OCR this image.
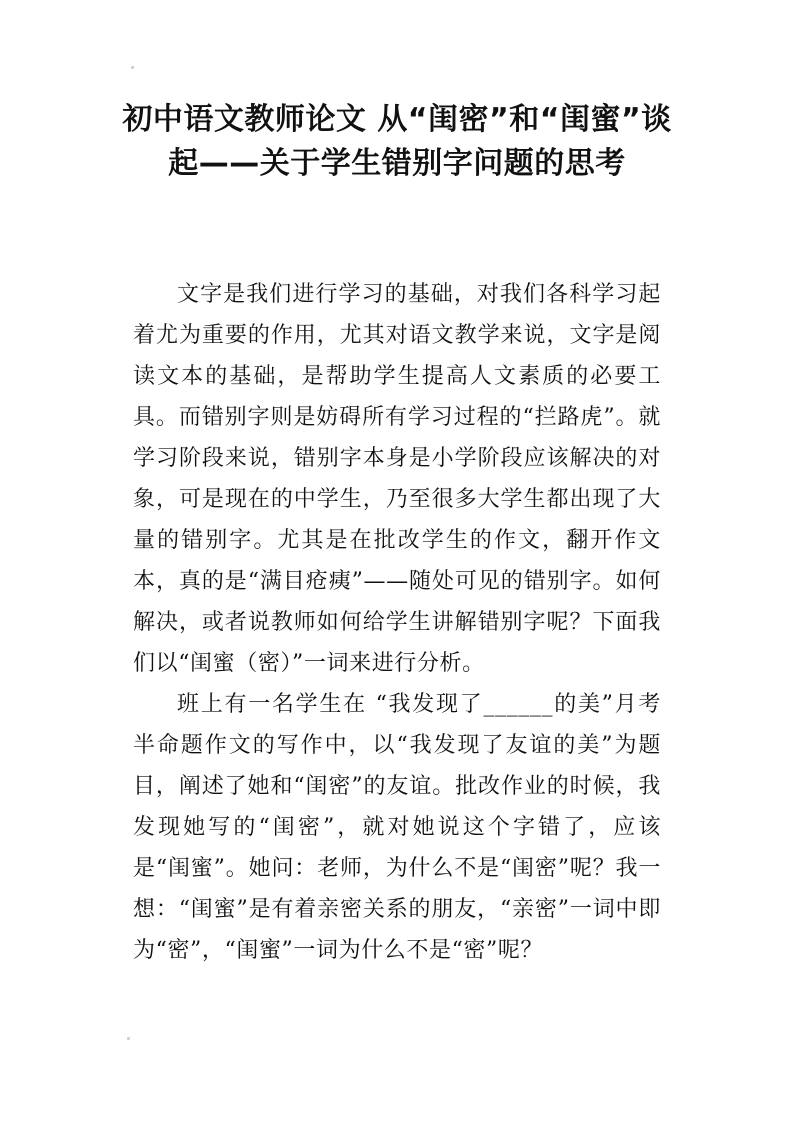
初中语文教师论文 从“闺密”和“闺蜜”谈起——关于学生错别字问题的思考

文字是我们进行学习的基础，对我们各科学习起着尤为重要的作用，尤其对语文教学来说，文字是阅读文本的基础，是帮助学生提高人文素质的必要工具。而错别字则是妨碍所有学习过程的“拦路虎”。就学习阶段来说，错别字本身是小学阶段应该解决的对象，可是现在的中学生，乃至很多大学生都出现了大量的错别字。尤其是在批改学生的作文，翻开作文本，真的是“满目疮痍”——随处可见的错别字。如何解决，或者说教师如何给学生讲解错别字呢？下面我们以“闺蜜（密）”一词来进行分析。

班上有一名学生在 “我发现了______的美”月考半命题作文的写作中，以“我发现了友谊的美”为题目，阐述了她和“闺密”的友谊。批改作业的时候，我发现她写的“闺密”，就对她说这个字错了，应该是“闺蜜”。她问：老师，为什么不是“闺密”呢？我一想：“闺蜜”是有着亲密关系的朋友，“亲密”一词中即为“密”，“闺蜜”一词为什么不是“密”呢？
